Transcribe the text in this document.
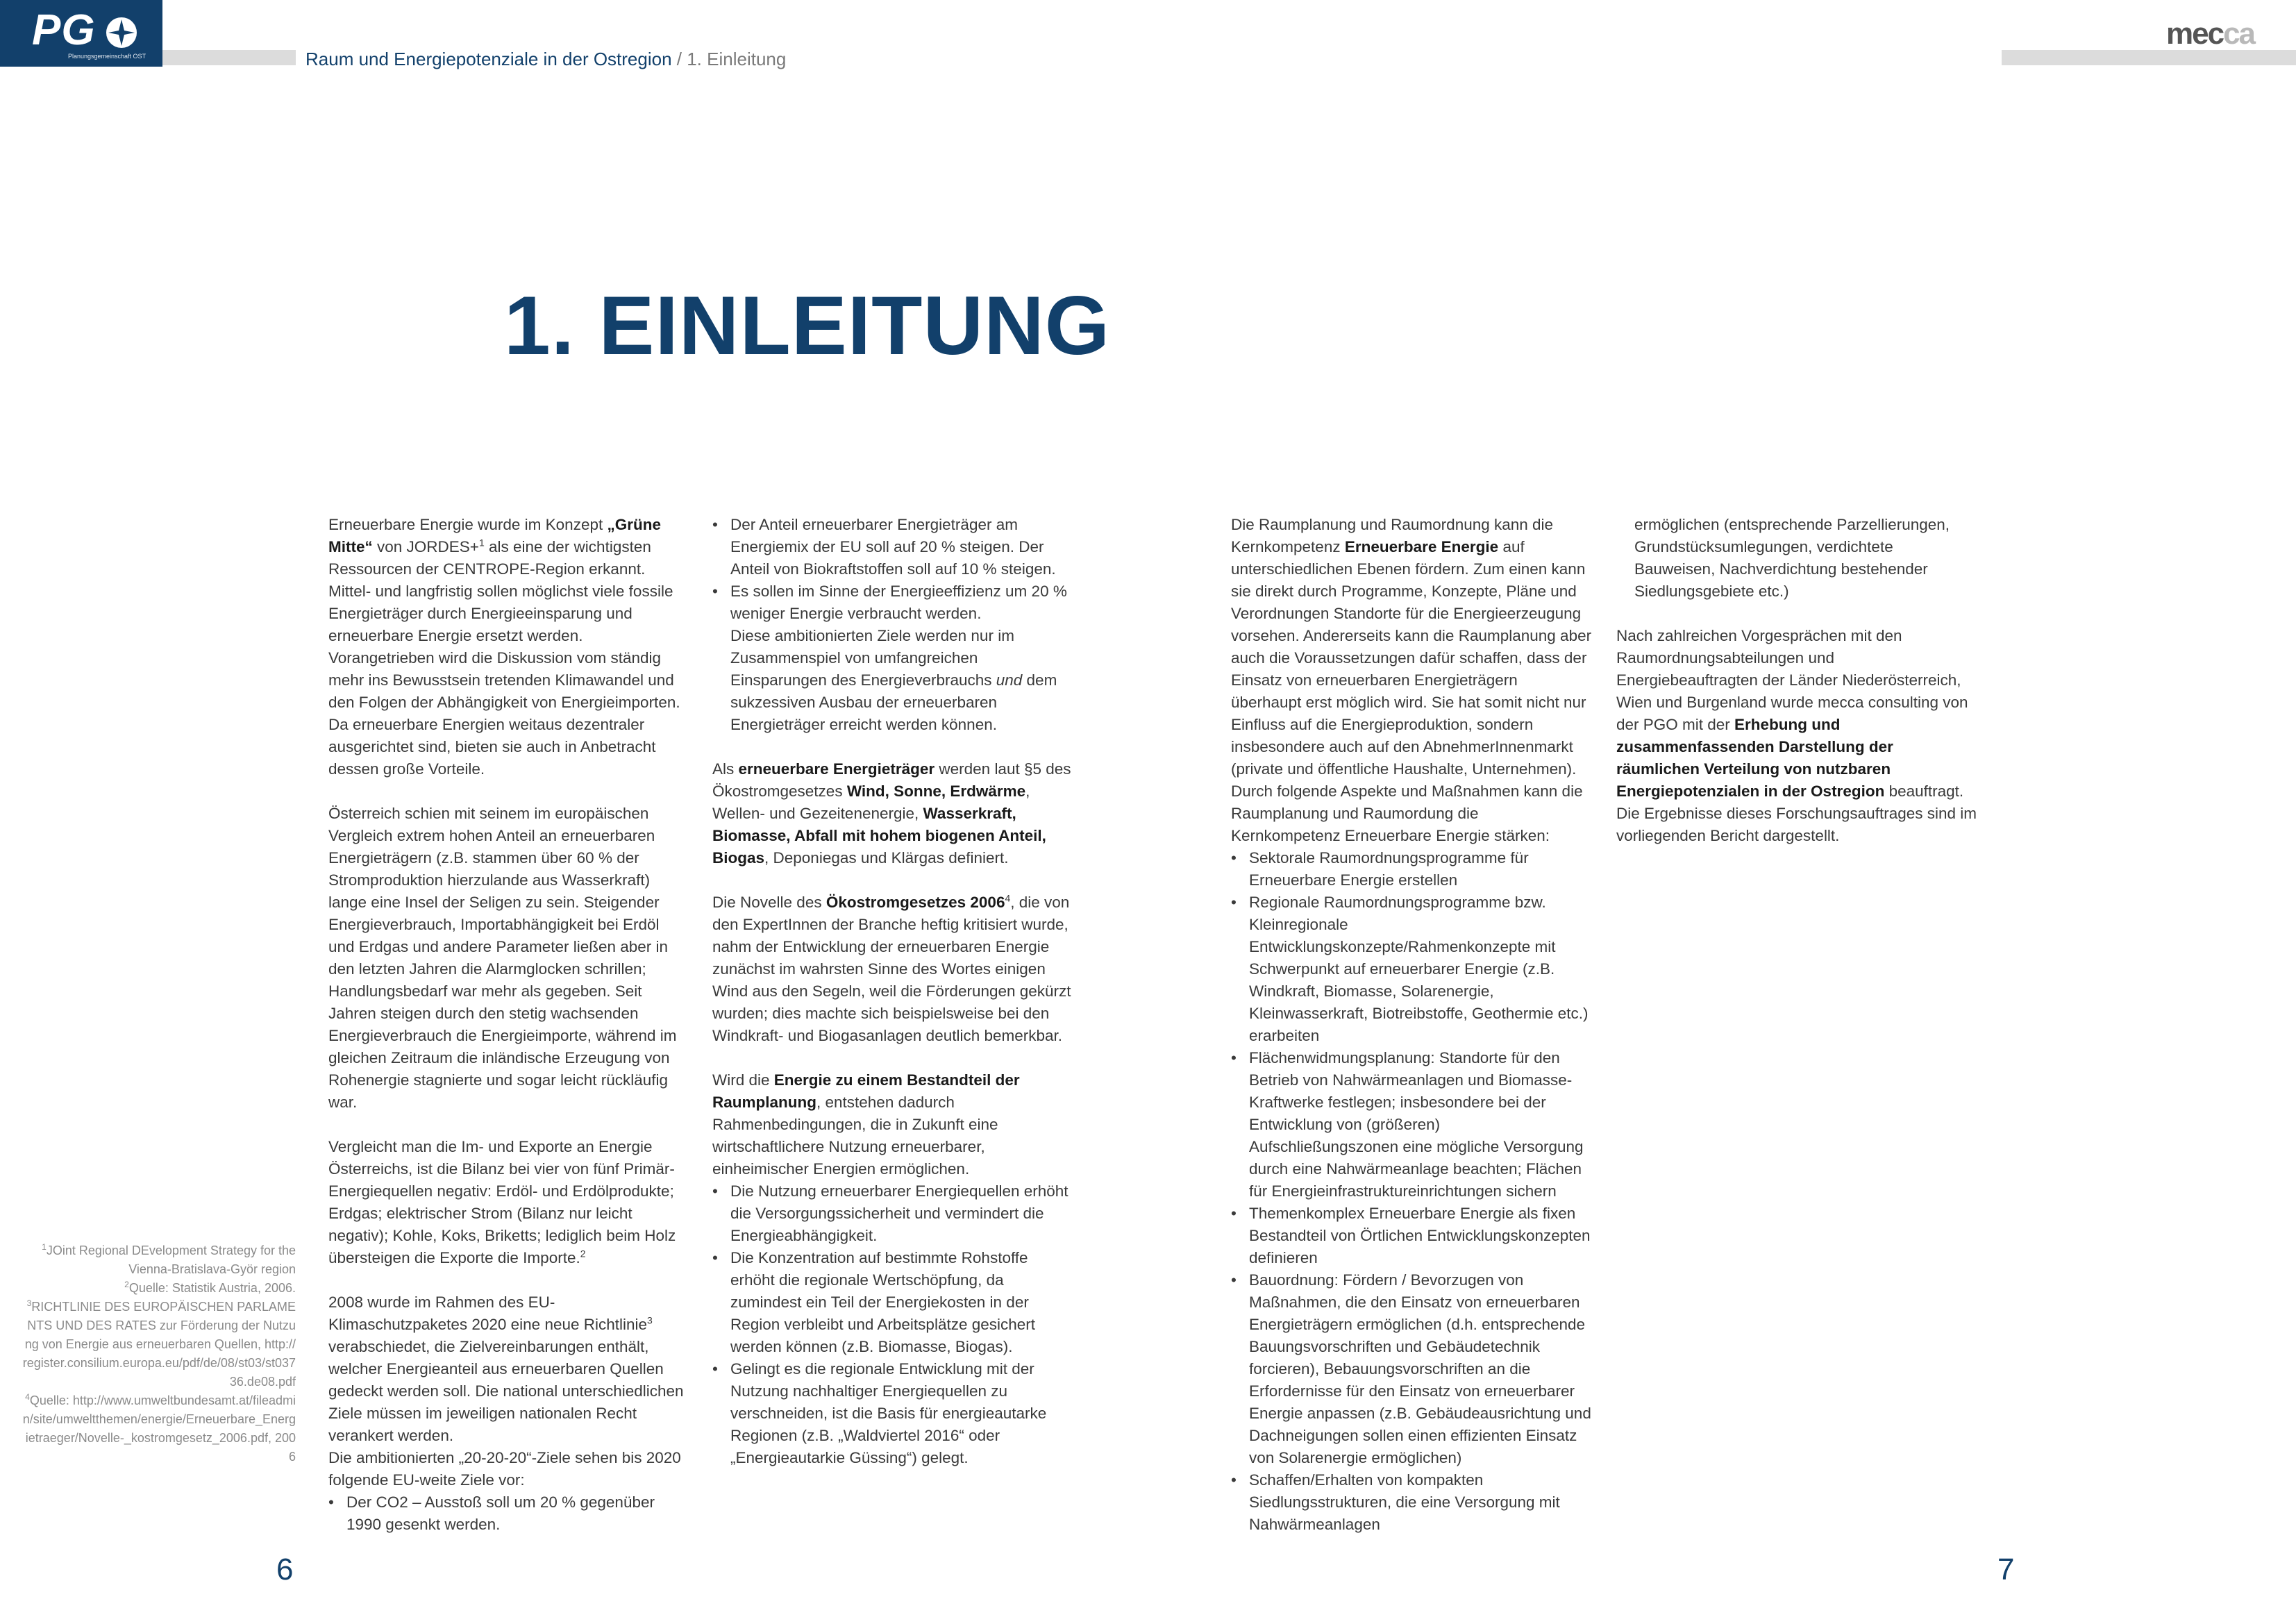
PG
Planungsgemeinschaft OST	Raum und Energiepotenziale in der Ostregion / 1. Einleitung
mecca
1. EINLEITUNG

Erneuerbare Energie wurde im Konzept „Grüne Mitte“ von JORDES+$^1$ als eine der wichtigsten Ressourcen der CENTROPE-Region erkannt. Mittel- und langfristig sollen möglichst viele fossile Energieträger durch Energieeinsparung und erneuerbare Energie ersetzt werden. Vorangetrieben wird die Diskussion vom ständig mehr ins Bewusstsein tretenden Klimawandel und den Folgen der Abhängigkeit von Energieimporten. Da erneuerbare Energien weitaus dezentraler ausgerichtet sind, bieten sie auch in Anbetracht dessen große Vorteile.

Österreich schien mit seinem im europäischen Vergleich extrem hohen Anteil an erneuerbaren Energieträgern (z.B. stammen über 60 % der Stromproduktion hierzulande aus Wasserkraft) lange eine Insel der Seligen zu sein. Steigender Energieverbrauch, Importabhängigkeit bei Erdöl und Erdgas und andere Parameter ließen aber in den letzten Jahren die Alarmglocken schrillen; Handlungsbedarf war mehr als gegeben. Seit Jahren steigen durch den stetig wachsenden Energieverbrauch die Energieimporte, während im gleichen Zeitraum die inländische Erzeugung von Rohenergie stagnierte und sogar leicht rückläufig war.

Vergleicht man die Im- und Exporte an Energie Österreichs, ist die Bilanz bei vier von fünf Primär-Energiequellen negativ: Erdöl- und Erdölprodukte; Erdgas; elektrischer Strom (Bilanz nur leicht negativ); Kohle, Koks, Briketts; lediglich beim Holz übersteigen die Exporte die Importe.$^2$

2008 wurde im Rahmen des EU-Klimaschutzpaketes 2020 eine neue Richtlinie$^3$ verabschiedet, die Zielvereinbarungen enthält, welcher Energieanteil aus erneuerbaren Quellen gedeckt werden soll. Die national unterschiedlichen Ziele müssen im jeweiligen nationalen Recht verankert werden.

Die ambitionierten „20-20-20“-Ziele sehen bis 2020 folgende EU-weite Ziele vor:

• Der CO2 – Ausstoß soll um 20 % gegenüber 1990 gesenkt werden.
• Der Anteil erneuerbarer Energieträger am Energiemix der EU soll auf 20 % steigen. Der Anteil von Biokraftstoffen soll auf 10 % steigen.
• Es sollen im Sinne der Energieeffizienz um 20 % weniger Energie verbraucht werden.

Diese ambitionierten Ziele werden nur im Zusammenspiel von umfangreichen Einsparungen des Energieverbrauchs und dem sukzessiven Ausbau der erneuerbaren Energieträger erreicht werden können.

Als erneuerbare Energieträger werden laut §5 des Ökostromgesetzes Wind, Sonne, Erdwärme, Wellen- und Gezeitenenergie, Wasserkraft, Biomasse, Abfall mit hohem biogenen Anteil, Biogas, Deponiegas und Klärgas definiert.

Die Novelle des Ökostromgesetzes 2006$^4$, die von den ExpertInnen der Branche heftig kritisiert wurde, nahm der Entwicklung der erneuerbaren Energie zunächst im wahrsten Sinne des Wortes einigen Wind aus den Segeln, weil die Förderungen gekürzt wurden; dies machte sich beispielsweise bei den Windkraft- und Biogasanlagen deutlich bemerkbar.

Wird die Energie zu einem Bestandteil der Raumplanung, entstehen dadurch Rahmenbedingungen, die in Zukunft eine wirtschaftlichere Nutzung erneuerbarer, einheimischer Energien ermöglichen.

• Die Nutzung erneuerbarer Energiequellen erhöht die Versorgungssicherheit und vermindert die Energieabhängigkeit.
• Die Konzentration auf bestimmte Rohstoffe erhöht die regionale Wertschöpfung, da zumindest ein Teil der Energiekosten in der Region verbleibt und Arbeitsplätze gesichert werden können (z.B. Biomasse, Biogas).
• Gelingt es die regionale Entwicklung mit der Nutzung nachhaltiger Energiequellen zu verschneiden, ist die Basis für energieautarke Regionen (z.B. „Waldviertel 2016“ oder „Energieautarkie Güssing“) gelegt.

Die Raumplanung und Raumordnung kann die Kernkompetenz Erneuerbare Energie auf unterschiedlichen Ebenen fördern. Zum einen kann sie direkt durch Programme, Konzepte, Pläne und Verordnungen Standorte für die Energieerzeugung vorsehen. Andererseits kann die Raumplanung aber auch die Voraussetzungen dafür schaffen, dass der Einsatz von erneuerbaren Energieträgern überhaupt erst möglich wird. Sie hat somit nicht nur Einfluss auf die Energieproduktion, sondern insbesondere auch auf den AbnehmerInnenmarkt (private und öffentliche Haushalte, Unternehmen). Durch folgende Aspekte und Maßnahmen kann die Raumplanung und Raumordung die Kernkompetenz Erneuerbare Energie stärken:

• Sektorale Raumordnungsprogramme für Erneuerbare Energie erstellen
• Regionale Raumordnungsprogramme bzw. Kleinregionale Entwicklungskonzepte/Rahmenkonzepte mit Schwerpunkt auf erneuerbarer Energie (z.B. Windkraft, Biomasse, Solarenergie, Kleinwasserkraft, Biotreibstoffe, Geothermie etc.) erarbeiten
• Flächenwidmungsplanung: Standorte für den Betrieb von Nahwärmeanlagen und Biomasse-Kraftwerke festlegen; insbesondere bei der Entwicklung von (größeren) Aufschließungszonen eine mögliche Versorgung durch eine Nahwärmeanlage beachten; Flächen für Energieinfrastruktureinrichtungen sichern
• Themenkomplex Erneuerbare Energie als fixen Bestandteil von Örtlichen Entwicklungskonzepten definieren
• Bauordnung: Fördern / Bevorzugen von Maßnahmen, die den Einsatz von erneuerbaren Energieträgern ermöglichen (d.h. entsprechende Bauungsvorschriften und Gebäudetechnik forcieren), Bebauungsvorschriften an die Erfordernisse für den Einsatz von erneuerbarer Energie anpassen (z.B. Gebäudeausrichtung und Dachneigungen sollen einen effizienten Einsatz von Solarenergie ermöglichen)
• Schaffen/Erhalten von kompakten Siedlungsstrukturen, die eine Versorgung mit Nahwärmeanlagen

ermöglichen (entsprechende Parzellierungen, Grundstücksumlegungen, verdichtete Bauweisen, Nachverdichtung bestehender Siedlungsgebiete etc.)

Nach zahlreichen Vorgesprächen mit den Raumordnungsabteilungen und Energiebeauftragten der Länder Niederösterreich, Wien und Burgenland wurde mecca consulting von der PGO mit der Erhebung und zusammenfassenden Darstellung der räumlichen Verteilung von nutzbaren Energiepotenzialen in der Ostregion beauftragt. Die Ergebnisse dieses Forschungsauftrages sind im vorliegenden Bericht dargestellt.

$^1$JOint Regional DEvelopment Strategy for the Vienna-Bratislava-Györ region
$^2$Quelle: Statistik Austria, 2006.
$^3$RICHTLINIE DES EUROPÄISCHEN PARLAMENTS UND DES RATES zur Förderung der Nutzung von Energie aus erneuerbaren Quellen, http://register.consilium.europa.eu/pdf/de/08/st03/st03736.de08.pdf
$^4$Quelle: http://www.umweltbundesamt.at/fileadmin/site/umweltthemen/energie/Erneuerbare_Energietraeger/Novelle-_kostromgesetz_2006.pdf, 2006
6	7
